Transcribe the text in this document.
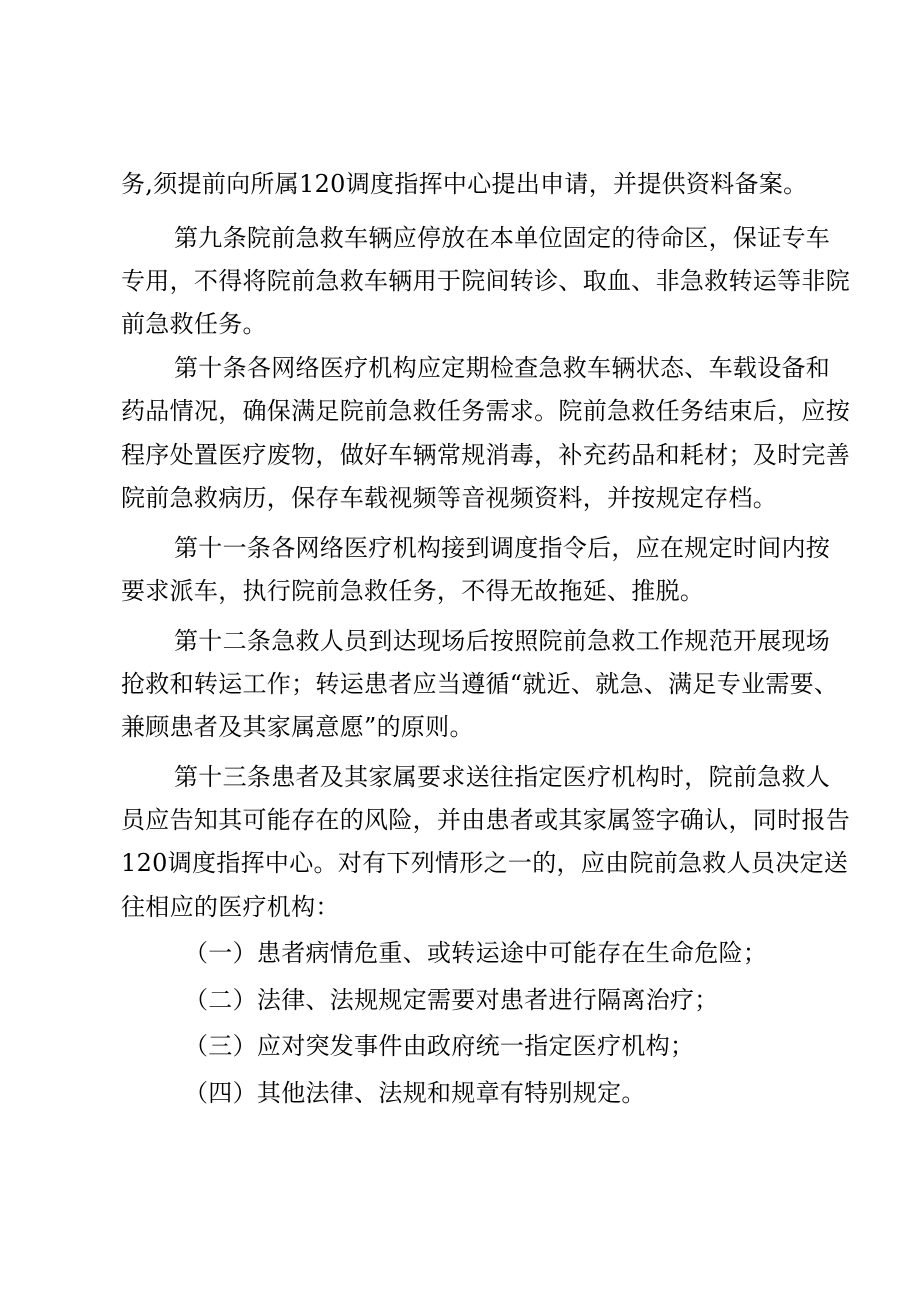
务,须提前向所属120调度指挥中心提出申请，并提供资料备案。
第九条院前急救车辆应停放在本单位固定的待命区，保证专车
专用，不得将院前急救车辆用于院间转诊、取血、非急救转运等非院
前急救任务。
第十条各网络医疗机构应定期检查急救车辆状态、车载设备和
药品情况，确保满足院前急救任务需求。院前急救任务结束后，应按
程序处置医疗废物，做好车辆常规消毒，补充药品和耗材；及时完善
院前急救病历，保存车载视频等音视频资料，并按规定存档。
第十一条各网络医疗机构接到调度指令后，应在规定时间内按
要求派车，执行院前急救任务，不得无故拖延、推脱。
第十二条急救人员到达现场后按照院前急救工作规范开展现场
抢救和转运工作；转运患者应当遵循“就近、就急、满足专业需要、
兼顾患者及其家属意愿”的原则。
第十三条患者及其家属要求送往指定医疗机构时，院前急救人
员应告知其可能存在的风险，并由患者或其家属签字确认，同时报告
120调度指挥中心。对有下列情形之一的，应由院前急救人员决定送
往相应的医疗机构：
（一）患者病情危重、或转运途中可能存在生命危险；
（二）法律、法规规定需要对患者进行隔离治疗；
（三）应对突发事件由政府统一指定医疗机构；
（四）其他法律、法规和规章有特别规定。
